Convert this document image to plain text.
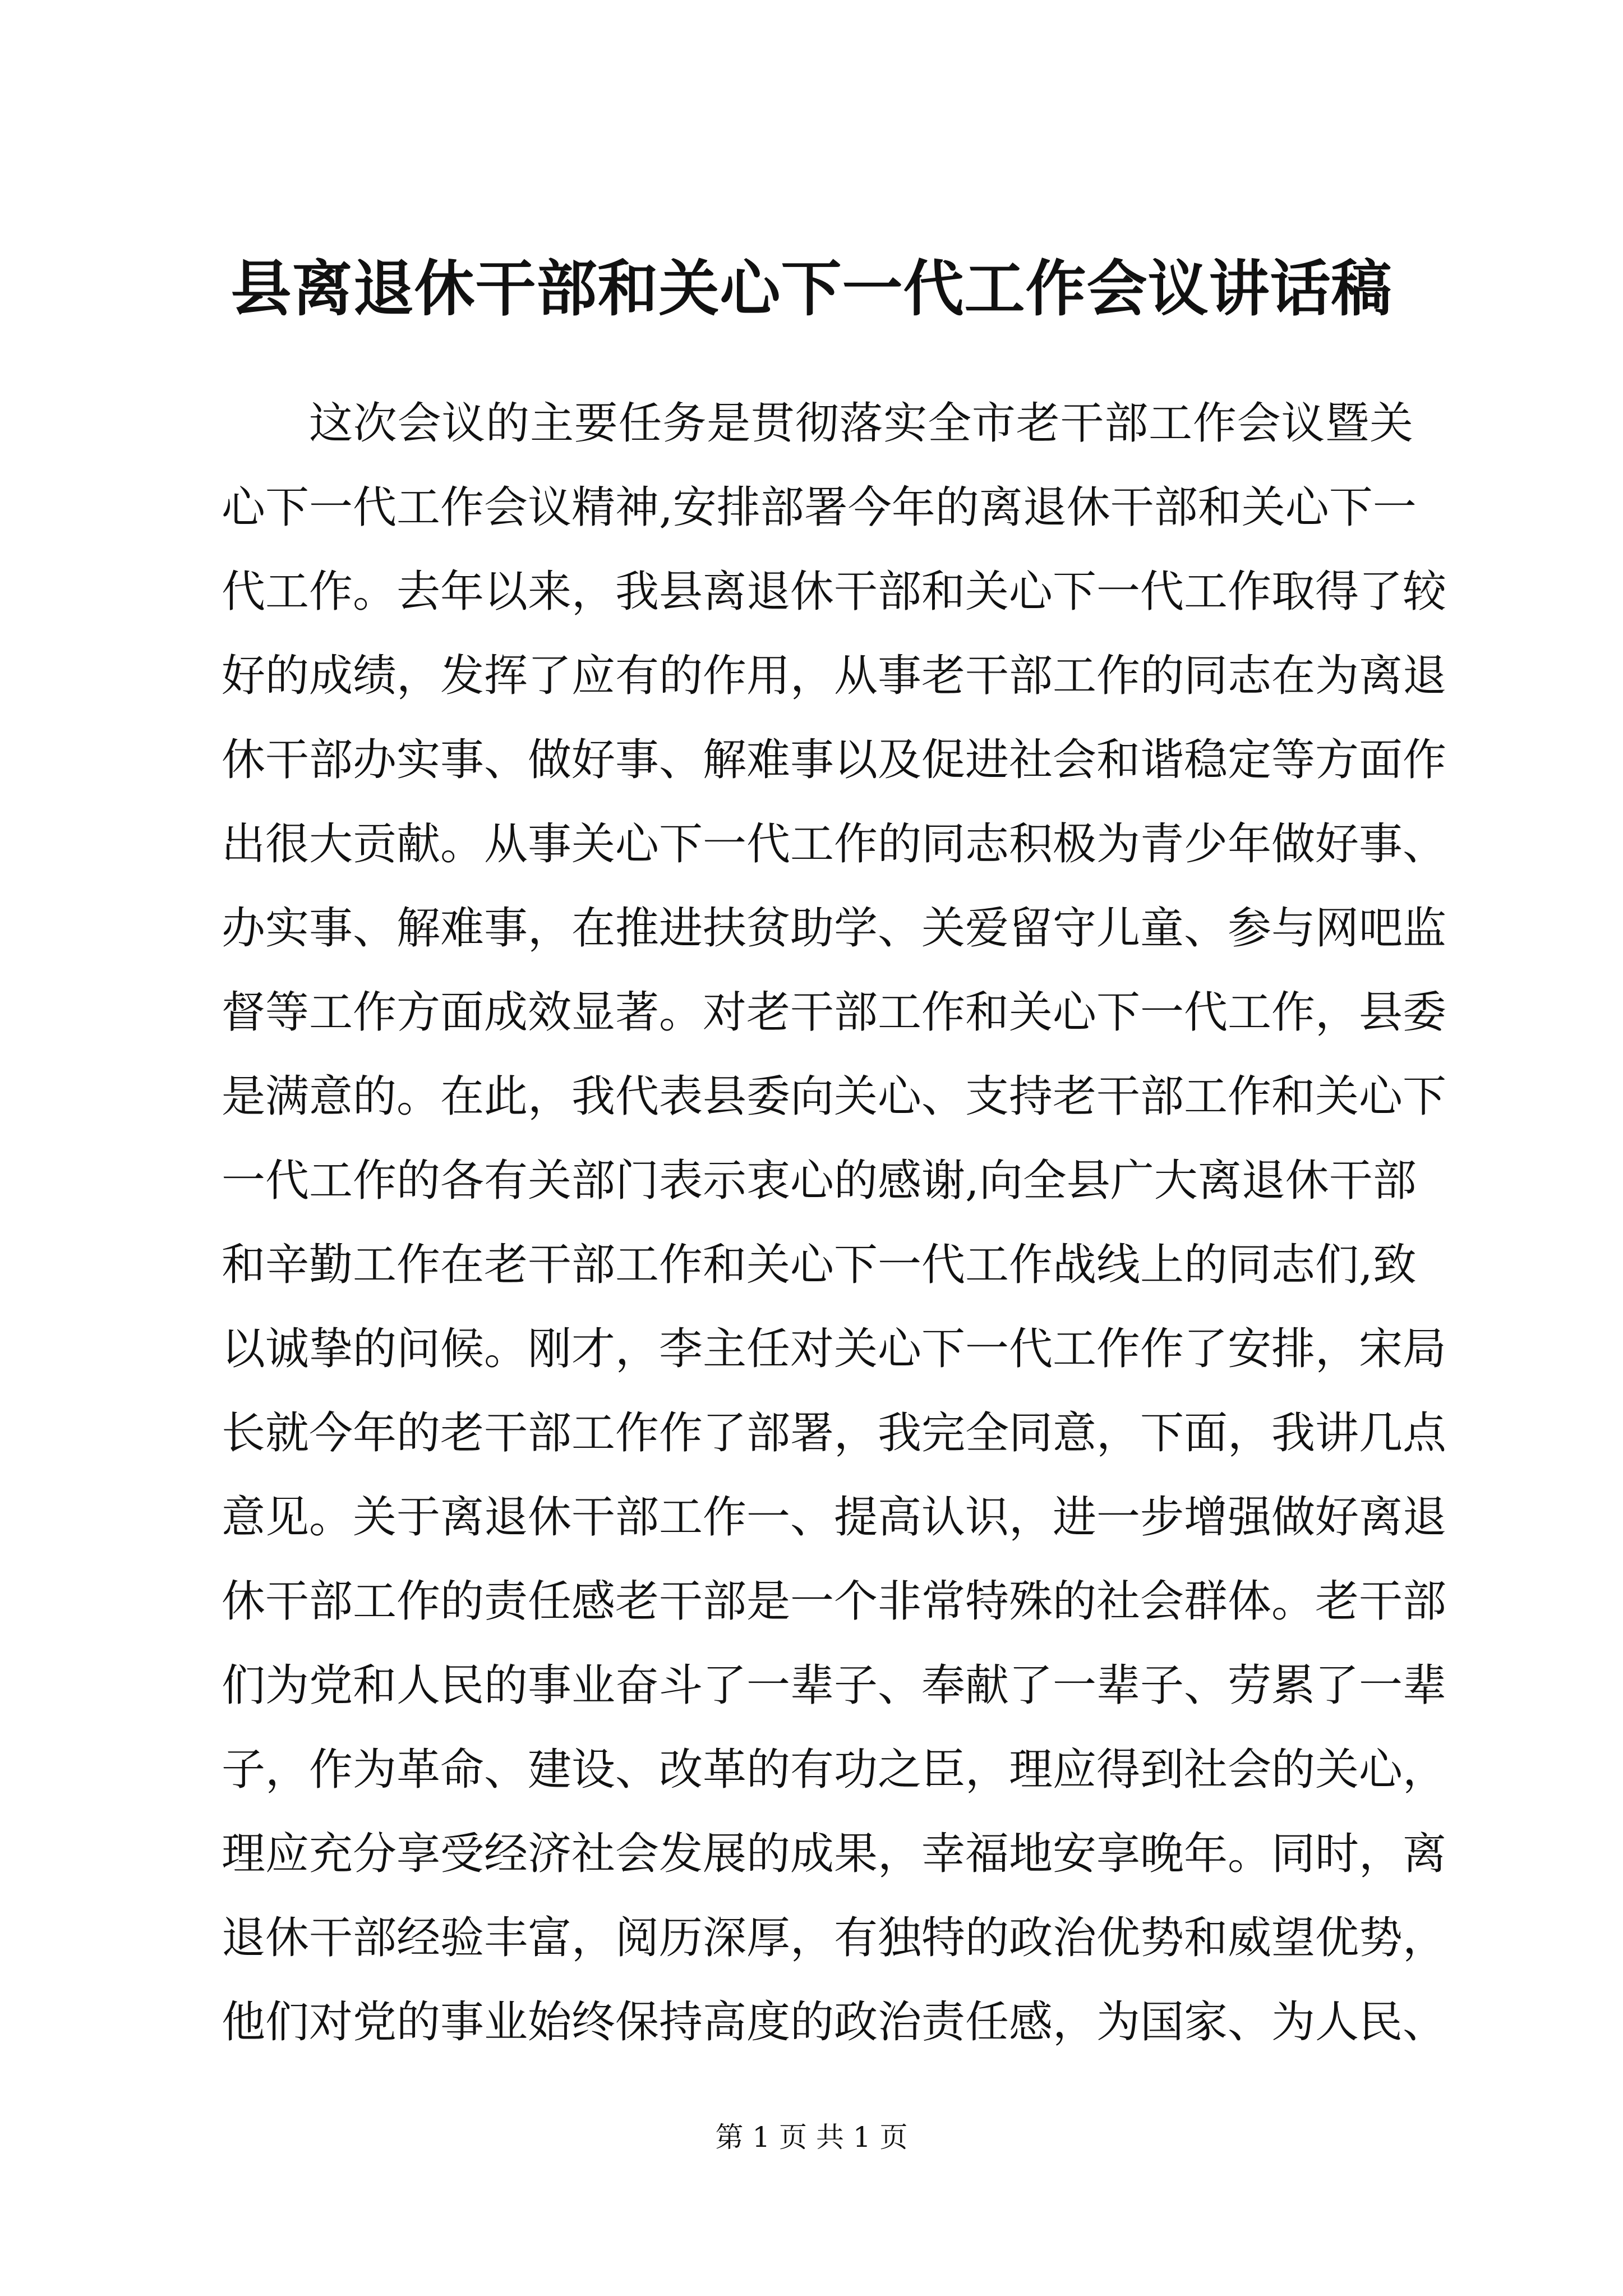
县离退休干部和关心下一代工作会议讲话稿
这次会议的主要任务是贯彻落实全市老干部工作会议暨关
心下一代工作会议精神,安排部署今年的离退休干部和关心下一
代工作。去年以来，我县离退休干部和关心下一代工作取得了较
好的成绩，发挥了应有的作用，从事老干部工作的同志在为离退
休干部办实事、做好事、解难事以及促进社会和谐稳定等方面作
出很大贡献。从事关心下一代工作的同志积极为青少年做好事、
办实事、解难事，在推进扶贫助学、关爱留守儿童、参与网吧监
督等工作方面成效显著。对老干部工作和关心下一代工作，县委
是满意的。在此，我代表县委向关心、支持老干部工作和关心下
一代工作的各有关部门表示衷心的感谢,向全县广大离退休干部
和辛勤工作在老干部工作和关心下一代工作战线上的同志们,致
以诚挚的问候。刚才，李主任对关心下一代工作作了安排，宋局
长就今年的老干部工作作了部署，我完全同意，下面，我讲几点
意见。关于离退休干部工作一、提高认识，进一步增强做好离退
休干部工作的责任感老干部是一个非常特殊的社会群体。老干部
们为党和人民的事业奋斗了一辈子、奉献了一辈子、劳累了一辈
子，作为革命、建设、改革的有功之臣，理应得到社会的关心，
理应充分享受经济社会发展的成果，幸福地安享晚年。同时，离
退休干部经验丰富，阅历深厚，有独特的政治优势和威望优势，
他们对党的事业始终保持高度的政治责任感，为国家、为人民、
第 1 页 共 1 页
